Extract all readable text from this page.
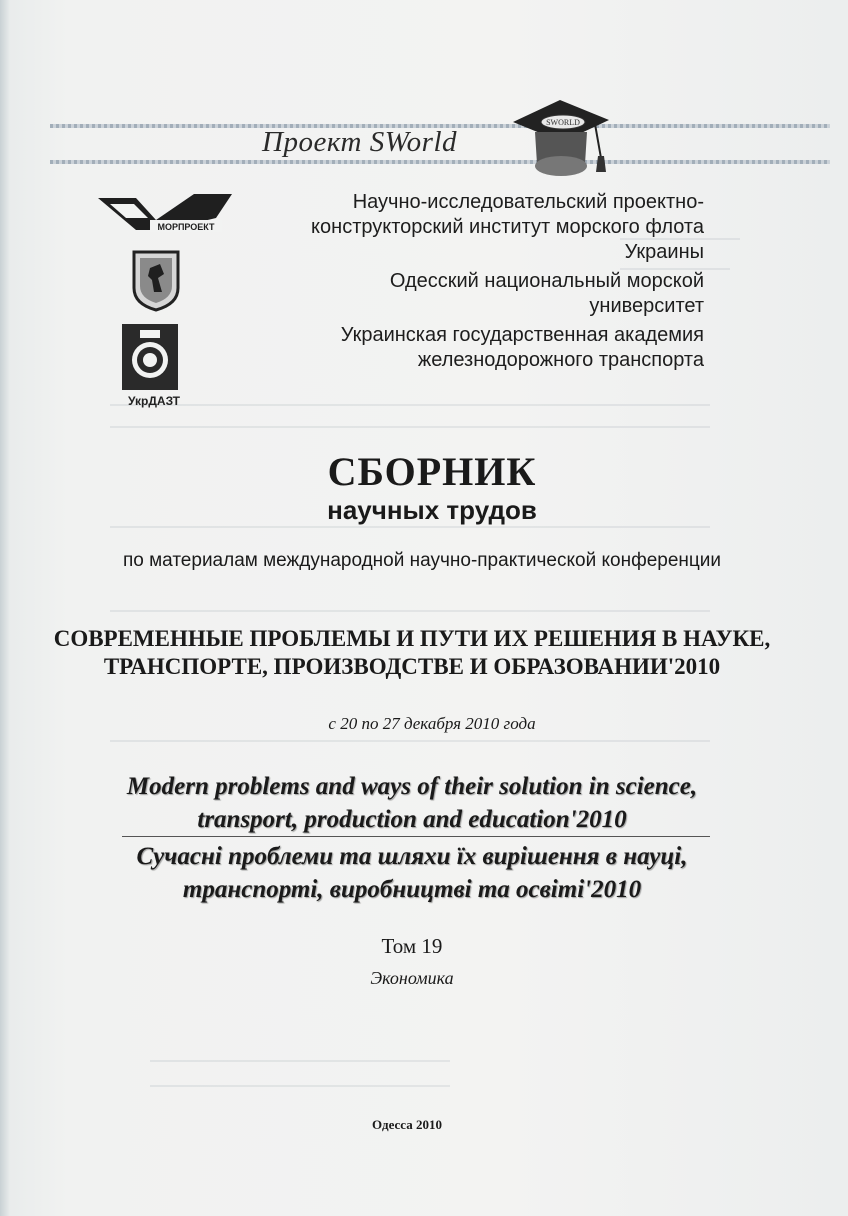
Проект SWorld
SWORLD
МОРПРОЕКТ
УкрДАЗТ
Научно-исследовательский проектно-конструкторский институт морского флота Украины
Одесский национальный морской университет
Украинская государственная академия железнодорожного транспорта
СБОРНИК
научных трудов
по материалам международной научно-практической конференции
СОВРЕМЕННЫЕ ПРОБЛЕМЫ И ПУТИ ИХ РЕШЕНИЯ В НАУКЕ, ТРАНСПОРТЕ, ПРОИЗВОДСТВЕ И ОБРАЗОВАНИИ'2010
с 20 по 27 декабря 2010 года
Modern problems and ways of their solution in science, transport, production and education'2010
Сучасні проблеми та шляхи їх вирішення в науці, транспорті, виробництві та освіті'2010
Том 19
Экономика
Одесса 2010
